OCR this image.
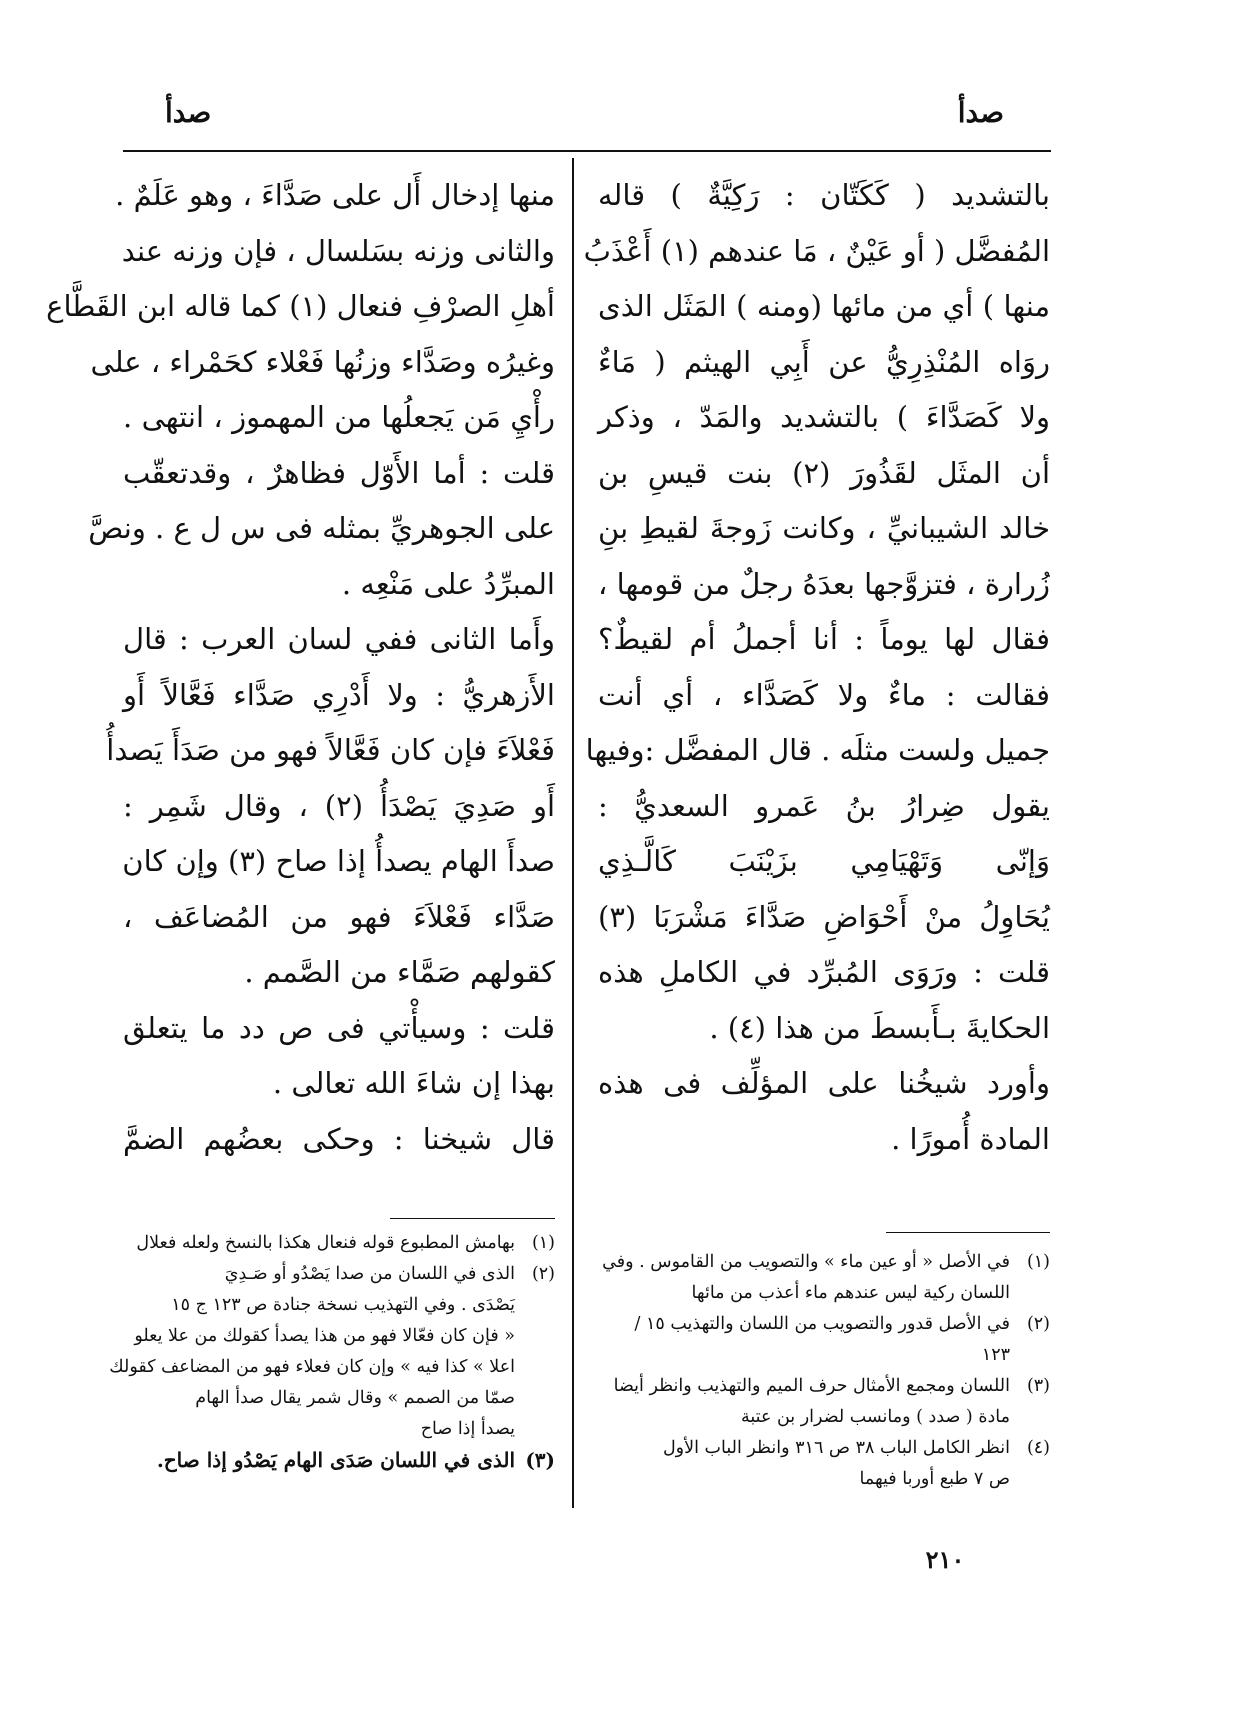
صدأ
صدأ
بالتشديد ( كَكَتّان : رَكِيَّةٌ ) قاله
المُفضَّل ( أو عَيْنٌ ، مَا عندهم (١) أَعْذَبُ
منها ) أي من مائها (ومنه ) المَثَل الذى
روَاه المُنْذِرِيُّ عن أَبِي الهيثم ( مَاءٌ
ولا كَصَدَّاءَ ) بالتشديد والمَدّ ، وذكر
أن المثَل لقَذُورَ (٢) بنت قيسِ بن
خالد الشيبانيِّ ، وكانت زَوجةَ لقيطِ بنِ
زُرارة ، فتزوَّجها بعدَهُ رجلٌ من قومها ،
فقال لها يوماً : أنا أجملُ أم لقيطٌ؟
فقالت : ماءٌ ولا كَصَدَّاء ، أي أنت
جميل ولست مثلَه . قال المفضَّل :وفيها
يقول ضِرارُ بنُ عَمرو السعديُّ :
وَإنّى وَتَهْيَامِي بزَيْنَبَ كَالَّـذِي
يُحَاوِلُ منْ أَحْوَاضِ صَدَّاءَ مَشْرَبَا (٣)
قلت : ورَوَى المُبرِّد في الكاملِ هذه
الحكايةَ بـأَبسطَ من هذا (٤) .
وأورد شيخُنا على المؤلِّف فى هذه
المادة أُمورًا .
منها إدخال أَل على صَدَّاءَ ، وهو عَلَمٌ .
والثانى وزنه بسَلسال ، فإن وزنه عند
أهلِ الصرْفِ فنعال (١) كما قاله ابن القَطَّاع
وغيرُه وصَدَّاء وزنُها فَعْلاء كحَمْراء ، على
رأْيِ مَن يَجعلُها من المهموز ، انتهى .
قلت : أما الأَوّل فظاهرٌ ، وقدتعقّب
على الجوهريِّ بمثله فى س ل ع . ونصَّ
المبرِّدُ على مَنْعِه .
وأَما الثانى ففي لسان العرب : قال
الأَزهريُّ : ولا أَدْرِي صَدَّاء فَعَّالاً أَو
فَعْلاَءَ فإن كان فَعَّالاً فهو من صَدَأَ يَصدأُ
أَو صَدِيَ يَصْدَأُ (٢) ، وقال شَمِر :
صدأَ الهام يصدأُ إذا صاح (٣) وإن كان
صَدَّاء فَعْلاَءَ فهو من المُضاعَف ،
كقولهم صَمَّاء من الصَّمم .
قلت : وسيأْتي فى ص دد ما يتعلق
بهذا إن شاءَ الله تعالى .
قال شيخنا : وحكى بعضُهم الضمَّ
(١)
في الأصل « أو عين ماء » والتصويب من القاموس . وفي
اللسان ركية ليس عندهم ماء أعذب من مائها
(٢)
في الأصل قدور والتصويب من اللسان والتهذيب ١٥ /
١٢٣
(٣)
اللسان ومجمع الأمثال حرف الميم والتهذيب وانظر أيضا
مادة ( صدد ) ومانسب لضرار بن عتبة
(٤)
انظر الكامل الباب ٣٨ ص ٣١٦ وانظر الباب الأول
ص ٧ طبع أوربا فيهما
(١)
بهامش المطبوع قوله فنعال هكذا بالنسخ ولعله فعلال
(٢)
الذى في اللسان من صدا يَصْدُو أو صَـدِيَ
يَصْدَى . وفي التهذيب نسخة جنادة ص ١٢٣ ج ١٥
« فإن كان فعّالا فهو من هذا يصدأ كقولك من علا يعلو
اعلا » كذا فيه » وإن كان فعلاء فهو من المضاعف كقولك
صمّا من الصمم » وقال شمر يقال صدأ الهام
يصدأ إذا صاح
(٣)
الذى في اللسان صَدَى الهام يَصْدُو إذا صاح.
٢١٠
